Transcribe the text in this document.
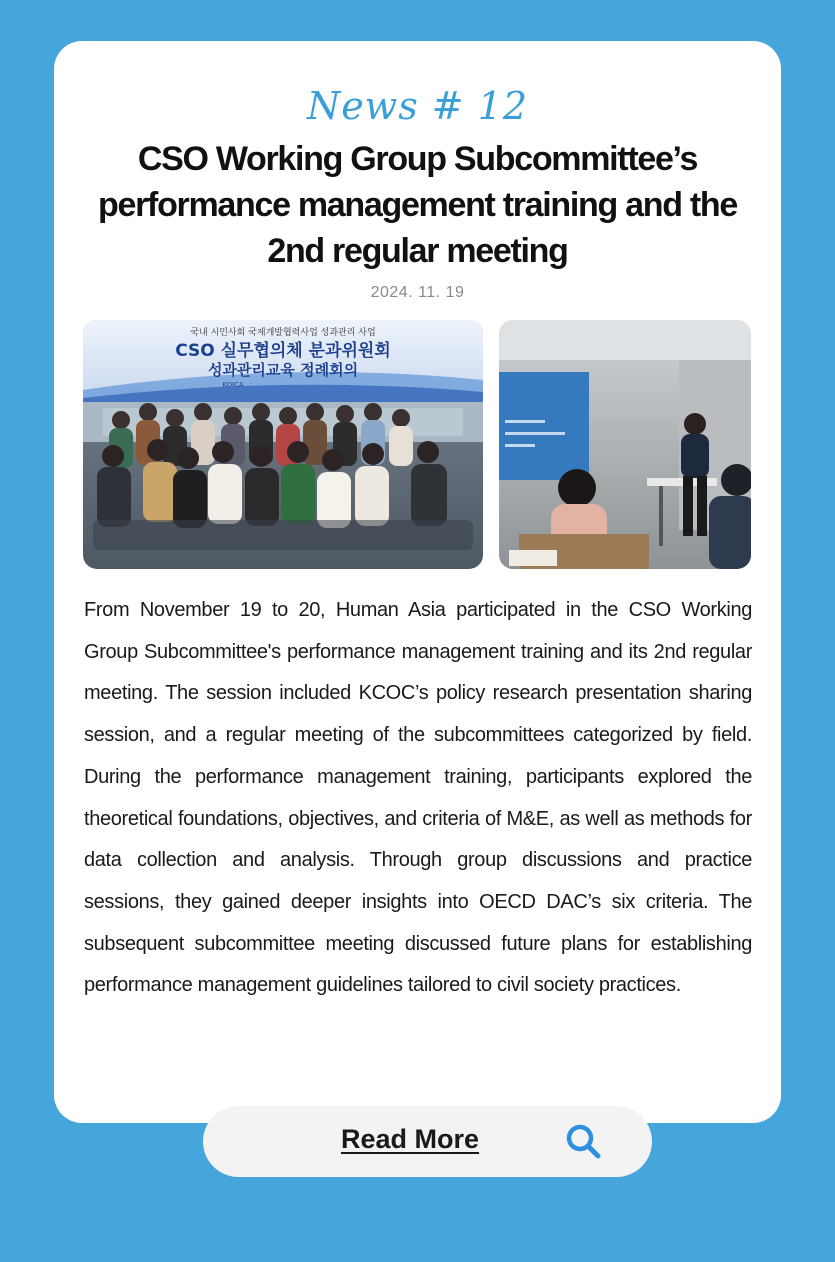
News # 12
CSO Working Group Subcommittee’s performance management training and the 2nd regular meeting
2024. 11. 19
국내 시민사회 국제개발협력사업 성과관리 사업
CSO 실무협의체 분과위원회
성과관리교육 정례회의
KOICA

From November 19 to 20, Human Asia participated in the CSO Working Group Subcommittee's performance management training and its 2nd regular meeting. The session included KCOC’s policy research presentation sharing session, and a regular meeting of the subcommittees categorized by field. During the performance management training, participants explored the theoretical foundations, objectives, and criteria of M&E, as well as methods for data collection and analysis. Through group discussions and practice sessions, they gained deeper insights into OECD DAC’s six criteria. The subsequent subcommittee meeting discussed future plans for establishing performance management guidelines tailored to civil society practices.

Read More
